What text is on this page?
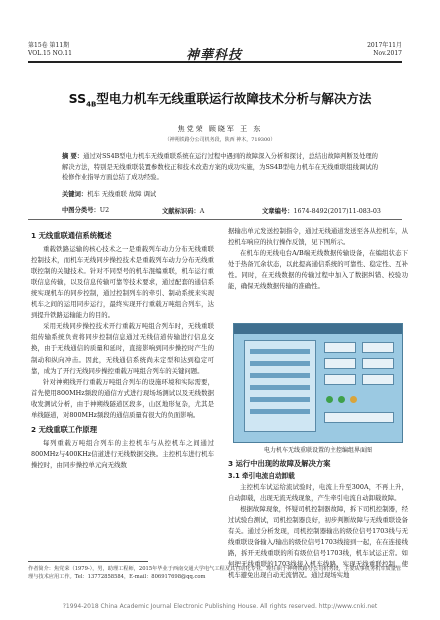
第15卷 第11期
VOL.15 NO.11	神華科技
2017年11月
Nov.2017
$SS_{4B}$型电力机车无线重联运行故障技术分析与解决方法
焦党荣 顾晓军 王 东
（神朔铁路分公司机务段，陕西 神木，719300）
摘 要：通过对SS4B型电力机车无线重联系统在运行过程中遇到的故障深入分析和探讨，总结出故障判断及处理的解决方法，特别是无线重联装置参数校正和技术改造方案的成功实施，为SS4B型电力机车在无线重联组线调试的检修作业指导方面总结了成功经验。
关键词：机车 无线重联 故障 调试
中图分类号：U2	文献标识码：A	文章编号：1674-8492(2017)11-083-03
1 无线重联通信系统概述
重载铁路运输的核心技术之一是重载列车动力分布无线重联控制技术，而机车无线同步操控技术是重载列车动力分布无线重联控制的关键技术。针对不同型号的机车混编重联，机车运行重联信息传输，以及信息传输可靠等技术要求，通过配套的通信系统实现机车的同步控制，通过控制列车的牵引、制动系统来实现机车之间的运用同步运行，最终实现开行重载万吨组合列车，达到提升铁路运输能力的目的。
采用无线同步操控技术开行重载万吨组合列车时，无线重联组传输系统负责将同步控制信息通过无线信道传输进行信息交换，由于无线通信的质量和延时，直接影响到同步操控时产生的制动和纵向冲击。因此，无线通信系统尚未定型和达到稳定可靠，成为了开行无线同步操控重载万吨组合列车的关键问题。
针对神朔线开行重载万吨组合列车的设施环境和实际需要，首先使用800MHz频段的通信方式进行现场场测试以及无线数据收发测试分析，由于神朔线隧道区段多，山区地形复杂，尤其是单线隧道，对800MHz频段的通信质量有很大的负面影响。
2 无线重联工作原理
每列重载万吨组合列车的主控机车与从控机车之间通过800MHz与400KHz信道进行无线数据交换。主控机车进行机车操控时，由同步操控单元向无线数
据输出单元发送控制指令，通过无线通道发送至各从控机车，从控机车响应的执行操作反馈，见下图所示。
在机车的无线电台A/B端无线数据传输设备，在编组状态下处于热备冗余状态，以此提高通信系统的可靠性、稳定性、互补性。同时，在无线数据的传输过程中加入了数据纠错、校验功能，确保无线数据传输的准确性。
电力机车无线重联设置的主控编组界面图
3 运行中出现的故障及解决方案
3.1 牵引电流自动卸载
主控机车试运给流试验时，电流上升至300A，不再上升，自动卸载，出现无流无线现象，产生牵引电流自动卸载故障。
根据故障现象，怀疑司机控制器故障，拆下司机控制器，经过试验台测试，司机控制器良好，初步判断故障与无线重联设备有关。通过分析发现，司机控制器输出的级位信号1703线与无线重联设备输入/输出的级位信号1703线接到一起，在在连接线路，拆开无线重联的所有级位信号1703线，机车试运正常。如何把无线重联的1703线接入机车线路，实现无线重联控制，使机车避免出现自动无流情况。通过现场实地
作者简介：焦党荣（1979-），男，助理工程师，2015年毕业于西南交通大学电气工程及其自动化专业，现任职于神朔铁路分公司机务段，主要从事机务机车质量管理与技术应用工作。Tel：13772858584，E-mail：806917698@qq.com
?1994-2018 China Academic Journal Electronic Publishing House. All rights reserved. http://www.cnki.net
